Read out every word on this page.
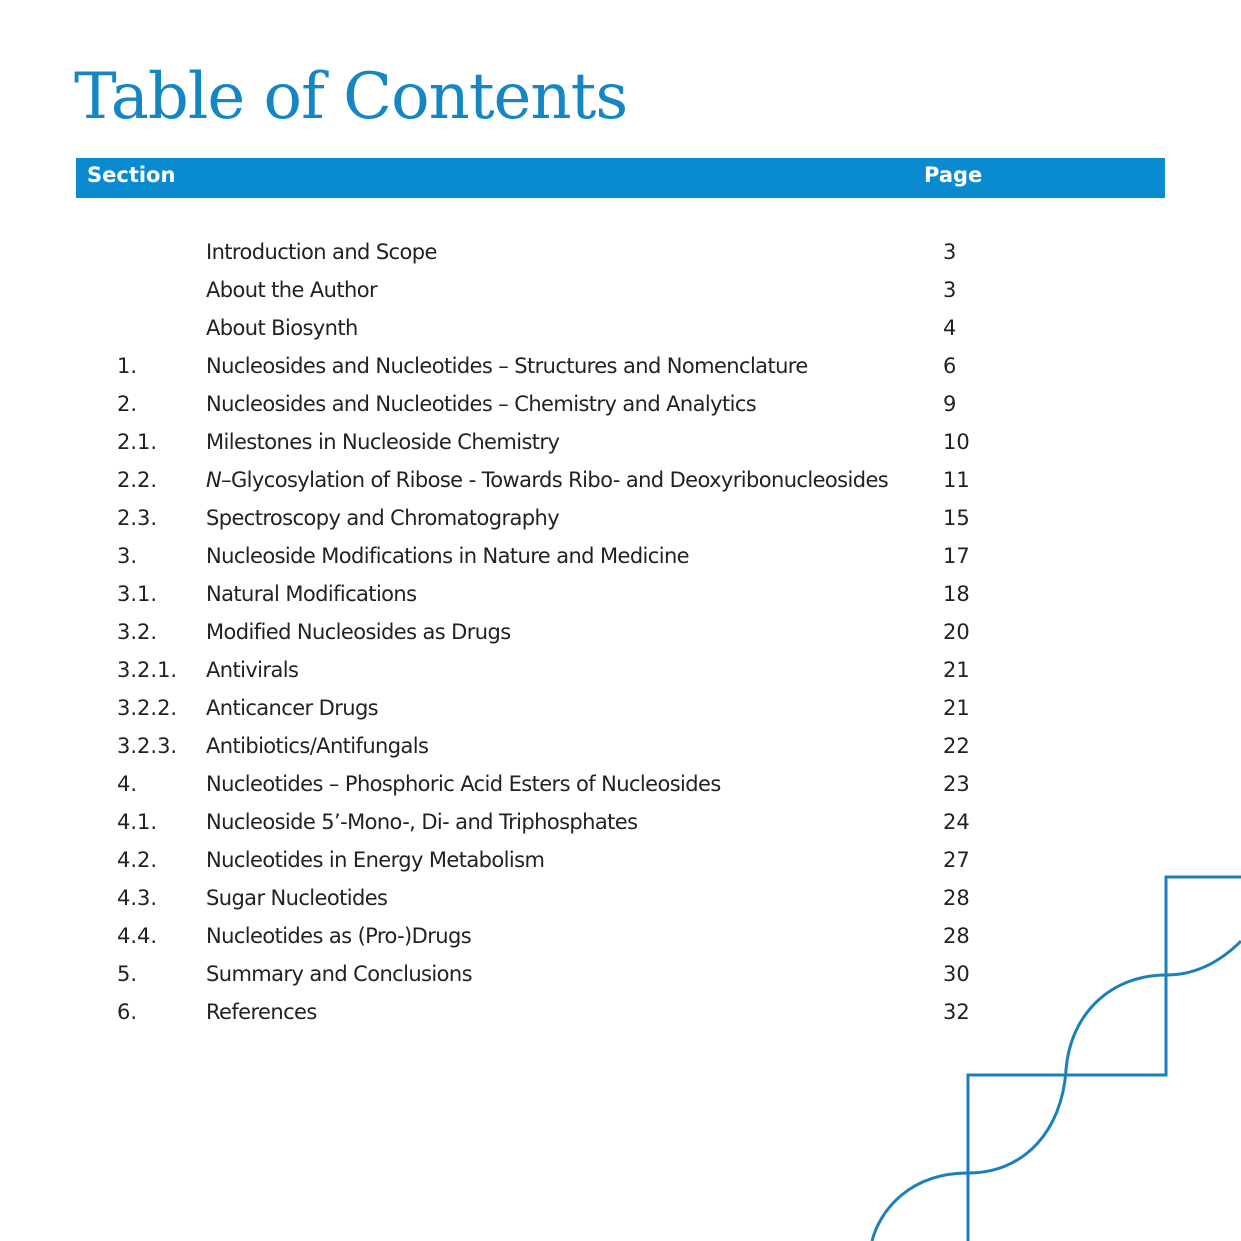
Table of Contents
Section	Page
Introduction and Scope	3
About the Author	3
About Biosynth	4
1.	Nucleosides and Nucleotides – Structures and Nomenclature	6
2.	Nucleosides and Nucleotides – Chemistry and Analytics	9
2.1. Milestones in Nucleoside Chemistry	10
2.2. N–Glycosylation of Ribose - Towards Ribo- and Deoxyribonucleosides	11
2.3. Spectroscopy and Chromatography	15
3.	Nucleoside Modifications in Nature and Medicine	17
3.1. Natural Modifications	18
3.2. Modified Nucleosides as Drugs	20
3.2.1. Antivirals	21
3.2.2. Anticancer Drugs	21
3.2.3. Antibiotics/Antifungals	22
4.	Nucleotides – Phosphoric Acid Esters of Nucleosides	23
4.1. Nucleoside 5’-Mono-, Di- and Triphosphates	24
4.2. Nucleotides in Energy Metabolism	27
4.3. Sugar Nucleotides	28
4.4. Nucleotides as (Pro-)Drugs	28
5.	Summary and Conclusions	30
6.	References	32
